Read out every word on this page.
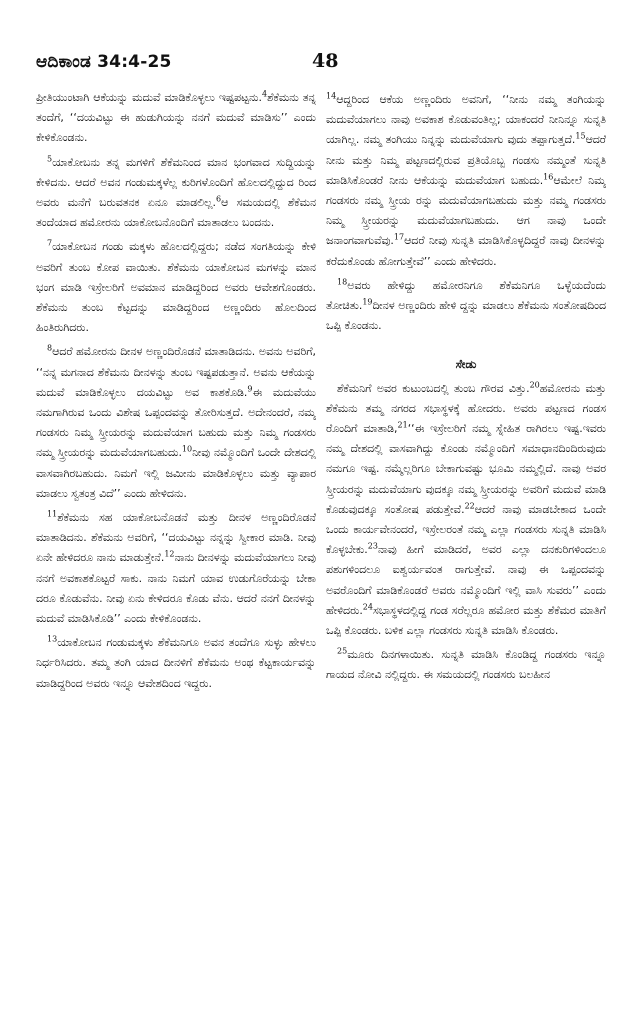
ಆದಿಕಾಂಡ 34:4-25	48

ಪ್ರೀತಿಯುಂಟಾಗಿ ಆಕೆಯನ್ನು ಮದುವೆ ಮಾಡಿಕೊಳ್ಳಲು ಇಷ್ಟಪಟ್ಟನು.$^4$ಶೆಕೆಮನು ತನ್ನ ತಂದೆಗೆ, ‘‘ದಯವಿಟ್ಟು ಈ ಹುಡುಗಿಯನ್ನು ನನಗೆ ಮದುವೆ ಮಾಡಿಸು’’ ಎಂದು ಕೇಳಿಕೊಂಡನು.

$^5$ಯಾಕೋಬನು ತನ್ನ ಮಗಳಿಗೆ ಶೆಕೆಮನಿಂದ ಮಾನ ಭಂಗವಾದ ಸುದ್ದಿಯನ್ನು ಕೇಳಿದನು. ಆದರೆ ಅವನ ಗಂಡುಮಕ್ಕಳೆಲ್ಲ ಕುರಿಗಳೊಂದಿಗೆ ಹೊಲದಲ್ಲಿದ್ದುದ ರಿಂದ ಅವರು ಮನೆಗೆ ಬರುವತನಕ ಏನೂ ಮಾಡಲಿಲ್ಲ.$^6$ಆ ಸಮಯದಲ್ಲಿ ಶೆಕೆಮನ ತಂದೆಯಾದ ಹಮೋರನು ಯಾಕೋಬನೊಂದಿಗೆ ಮಾತಾಡಲು ಬಂದನು.

$^7$ಯಾಕೋಬನ ಗಂಡು ಮಕ್ಕಳು ಹೊಲದಲ್ಲಿದ್ದರು; ನಡೆದ ಸಂಗತಿಯನ್ನು ಕೇಳಿ ಅವರಿಗೆ ತುಂಬ ಕೋಪ ವಾಯಿತು. ಶೆಕೆಮನು ಯಾಕೋಬನ ಮಗಳನ್ನು ಮಾನ ಭಂಗ ಮಾಡಿ ಇಸ್ರೇಲರಿಗೆ ಅವಮಾನ ಮಾಡಿದ್ದರಿಂದ ಅವರು ಆವೇಶಗೊಂಡರು. ಶೆಕೆಮನು ತುಂಬ ಕೆಟ್ಟದನ್ನು ಮಾಡಿದ್ದರಿಂದ ಅಣ್ಣಂದಿರು ಹೊಲದಿಂದ ಹಿಂತಿರುಗಿದರು.

$^8$ಆದರೆ ಹಮೋರನು ದೀನಳ ಅಣ್ಣಂದಿರೊಡನೆ ಮಾತಾಡಿದನು. ಅವನು ಅವರಿಗೆ, ‘‘ನನ್ನ ಮಗನಾದ ಶೆಕೆಮನು ದೀನಳನ್ನು ತುಂಬ ಇಷ್ಟಪಡುತ್ತಾನೆ. ಅವನು ಆಕೆಯನ್ನು ಮದುವೆ ಮಾಡಿಕೊಳ್ಳಲು ದಯವಿಟ್ಟು ಅವ ಕಾಶಕೊಡಿ.$^9$ಈ ಮದುವೆಯು ನಮಗಾಗಿರುವ ಒಂದು ವಿಶೇಷ ಒಪ್ಪಂದವನ್ನು ತೋರಿಸುತ್ತದೆ. ಅದೇನಂದರೆ, ನಮ್ಮ ಗಂಡಸರು ನಿಮ್ಮ ಸ್ತ್ರೀಯರನ್ನು ಮದುವೆಯಾಗ ಬಹುದು ಮತ್ತು ನಿಮ್ಮ ಗಂಡಸರು ನಮ್ಮ ಸ್ತ್ರೀಯರನ್ನು ಮದುವೆಯಾಗಬಹುದು.$^{10}$ನೀವು ನಮ್ಮೊಂದಿಗೆ ಒಂದೇ ದೇಶದಲ್ಲಿ ವಾಸವಾಗಿರಬಹುದು. ನಿಮಗೆ ಇಲ್ಲಿ ಜಮೀನು ಮಾಡಿಕೊಳ್ಳಲು ಮತ್ತು ವ್ಯಾಪಾರ ಮಾಡಲು ಸ್ವತಂತ್ರ ವಿದೆ’’ ಎಂದು ಹೇಳಿದನು.

$^{11}$ಶೆಕೆಮನು ಸಹ ಯಾಕೋಬನೊಡನೆ ಮತ್ತು ದೀನಳ ಅಣ್ಣಂದಿರೊಡನೆ ಮಾತಾಡಿದನು. ಶೆಕೆಮನು ಅವರಿಗೆ, ‘‘ದಯವಿಟ್ಟು ನನ್ನನ್ನು ಸ್ವೀಕಾರ ಮಾಡಿ. ನೀವು ಏನೇ ಹೇಳಿದರೂ ನಾನು ಮಾಡುತ್ತೇನೆ.$^{12}$ನಾನು ದೀನಳನ್ನು ಮದುವೆಯಾಗಲು ನೀವು ನನಗೆ ಅವಕಾಶಕೊಟ್ಟರೆ ಸಾಕು. ನಾನು ನಿಮಗೆ ಯಾವ ಉಡುಗೊರೆಯನ್ನು ಬೇಕಾ ದರೂ ಕೊಡುವೆನು. ನೀವು ಏನು ಕೇಳಿದರೂ ಕೊಡು ವೆನು. ಆದರೆ ನನಗೆ ದೀನಳನ್ನು ಮದುವೆ ಮಾಡಿಸಿಕೊಡಿ’’ ಎಂದು ಕೇಳಿಕೊಂಡನು.

$^{13}$ಯಾಕೋಬನ ಗಂಡುಮಕ್ಕಳು ಶೆಕೆಮನಿಗೂ ಅವನ ತಂದೆಗೂ ಸುಳ್ಳು ಹೇಳಲು ನಿರ್ಧರಿಸಿದರು. ತಮ್ಮ ತಂಗಿ ಯಾದ ದೀನಳಿಗೆ ಶೆಕೆಮನು ಅಂಥ ಕೆಟ್ಟಕಾರ್ಯವನ್ನು ಮಾಡಿದ್ದರಿಂದ ಅವರು ಇನ್ನೂ ಆವೇಶದಿಂದ ಇದ್ದರು.

$^{14}$ಆದ್ದರಿಂದ ಆಕೆಯ ಅಣ್ಣಂದಿರು ಅವನಿಗೆ, ‘‘ನೀನು ನಮ್ಮ ತಂಗಿಯನ್ನು ಮದುವೆಯಾಗಲು ನಾವು ಅವಕಾಶ ಕೊಡುವಂತಿಲ್ಲ; ಯಾಕಂದರೆ ನೀನಿನ್ನೂ ಸುನ್ನತಿ ಯಾಗಿಲ್ಲ. ನಮ್ಮ ತಂಗಿಯು ನಿನ್ನನ್ನು ಮದುವೆಯಾಗು ವುದು ತಪ್ಪಾಗುತ್ತದೆ.$^{15}$ಆದರೆ ನೀನು ಮತ್ತು ನಿಮ್ಮ ಪಟ್ಟಣದಲ್ಲಿರುವ ಪ್ರತಿಯೊಬ್ಬ ಗಂಡಸು ನಮ್ಮಂತೆ ಸುನ್ನತಿ ಮಾಡಿಸಿಕೊಂಡರೆ ನೀನು ಆಕೆಯನ್ನು ಮದುವೆಯಾಗ ಬಹುದು.$^{16}$ಆಮೇಲೆ ನಿಮ್ಮ ಗಂಡಸರು ನಮ್ಮ ಸ್ತ್ರೀಯ ರನ್ನು ಮದುವೆಯಾಗಬಹುದು ಮತ್ತು ನಮ್ಮ ಗಂಡಸರು ನಿಮ್ಮ ಸ್ತ್ರೀಯರನ್ನು ಮದುವೆಯಾಗಬಹುದು. ಆಗ ನಾವು ಒಂದೇ ಜನಾಂಗವಾಗುವೆವು.$^{17}$ಆದರೆ ನೀವು ಸುನ್ನತಿ ಮಾಡಿಸಿಕೊಳ್ಳದಿದ್ದರೆ ನಾವು ದೀನಳನ್ನು ಕರೆದುಕೊಂಡು ಹೋಗುತ್ತೇವೆ’’ ಎಂದು ಹೇಳಿದರು.

$^{18}$ಅವರು ಹೇಳಿದ್ದು ಹಮೋರನಿಗೂ ಶೆಕೆಮನಿಗೂ ಒಳ್ಳೆಯದೆಂದು ತೋಚಿತು.$^{19}$ದೀನಳ ಅಣ್ಣಂದಿರು ಹೇಳಿ ದ್ದನ್ನು ಮಾಡಲು ಶೆಕೆಮನು ಸಂತೋಷದಿಂದ ಒಪ್ಪಿ ಕೊಂಡನು.

ಸೇಡು

ಶೆಕೆಮನಿಗೆ ಅವರ ಕುಟುಂಬದಲ್ಲಿ ತುಂಬ ಗೌರವ ವಿತ್ತು.$^{20}$ಹಮೋರನು ಮತ್ತು ಶೆಕೆಮನು ತಮ್ಮ ನಗರದ ಸಭಾಸ್ಥಳಕ್ಕೆ ಹೋದರು. ಅವರು ಪಟ್ಟಣದ ಗಂಡಸ ರೊಂದಿಗೆ ಮಾತಾಡಿ,$^{21}$‘‘ಈ ಇಸ್ರೇಲರಿಗೆ ನಮ್ಮ ಸ್ನೇಹಿತ ರಾಗಿರಲು ಇಷ್ಟ.ಇವರು ನಮ್ಮ ದೇಶದಲ್ಲಿ ವಾಸವಾಗಿದ್ದು ಕೊಂಡು ನಮ್ಮೊಂದಿಗೆ ಸಮಾಧಾನದಿಂದಿರುವುದು ನಮಗೂ ಇಷ್ಟ. ನಮ್ಮೆಲ್ಲರಿಗೂ ಬೇಕಾಗುವಷ್ಟು ಭೂಮಿ ನಮ್ಮಲ್ಲಿದೆ. ನಾವು ಅವರ ಸ್ತ್ರೀಯರನ್ನು ಮದುವೆಯಾಗು ವುದಕ್ಕೂ ನಮ್ಮ ಸ್ತ್ರೀಯರನ್ನು ಅವರಿಗೆ ಮದುವೆ ಮಾಡಿ ಕೊಡುವುದಕ್ಕೂ ಸಂತೋಷ ಪಡುತ್ತೇವೆ.$^{22}$ಆದರೆ ನಾವು ಮಾಡಬೇಕಾದ ಒಂದೇ ಒಂದು ಕಾರ್ಯವೇನಂದರೆ, ಇಸ್ರೇಲರಂತೆ ನಮ್ಮ ಎಲ್ಲಾ ಗಂಡಸರು ಸುನ್ನತಿ ಮಾಡಿಸಿ ಕೊಳ್ಳಬೇಕು.$^{23}$ನಾವು ಹೀಗೆ ಮಾಡಿದರೆ, ಅವರ ಎಲ್ಲಾ ದನಕುರಿಗಳಿಂದಲೂ ಪಶುಗಳಿಂದಲೂ ಐಶ್ವರ್ಯವಂತ ರಾಗುತ್ತೇವೆ. ನಾವು ಈ ಒಪ್ಪಂದವನ್ನು ಅವರೊಂದಿಗೆ ಮಾಡಿಕೊಂಡರೆ ಅವರು ನಮ್ಮೊಂದಿಗೆ ಇಲ್ಲಿ ವಾಸಿ ಸುವರು’’ ಎಂದು ಹೇಳಿದರು.$^{24}$ಸಭಾಸ್ಥಳದಲ್ಲಿದ್ದ ಗಂಡ ಸರೆಲ್ಲರೂ ಹಮೋರ ಮತ್ತು ಶೆಕೆಮರ ಮಾತಿಗೆ ಒಪ್ಪಿ ಕೊಂಡರು. ಬಳಿಕ ಎಲ್ಲಾ ಗಂಡಸರು ಸುನ್ನತಿ ಮಾಡಿಸಿ ಕೊಂಡರು.

$^{25}$ಮೂರು ದಿನಗಳಾಯಿತು. ಸುನ್ನತಿ ಮಾಡಿಸಿ ಕೊಂಡಿದ್ದ ಗಂಡಸರು ಇನ್ನೂ ಗಾಯದ ನೋವಿ ನಲ್ಲಿದ್ದರು. ಈ ಸಮಯದಲ್ಲಿ ಗಂಡಸರು ಬಲಹೀನ
